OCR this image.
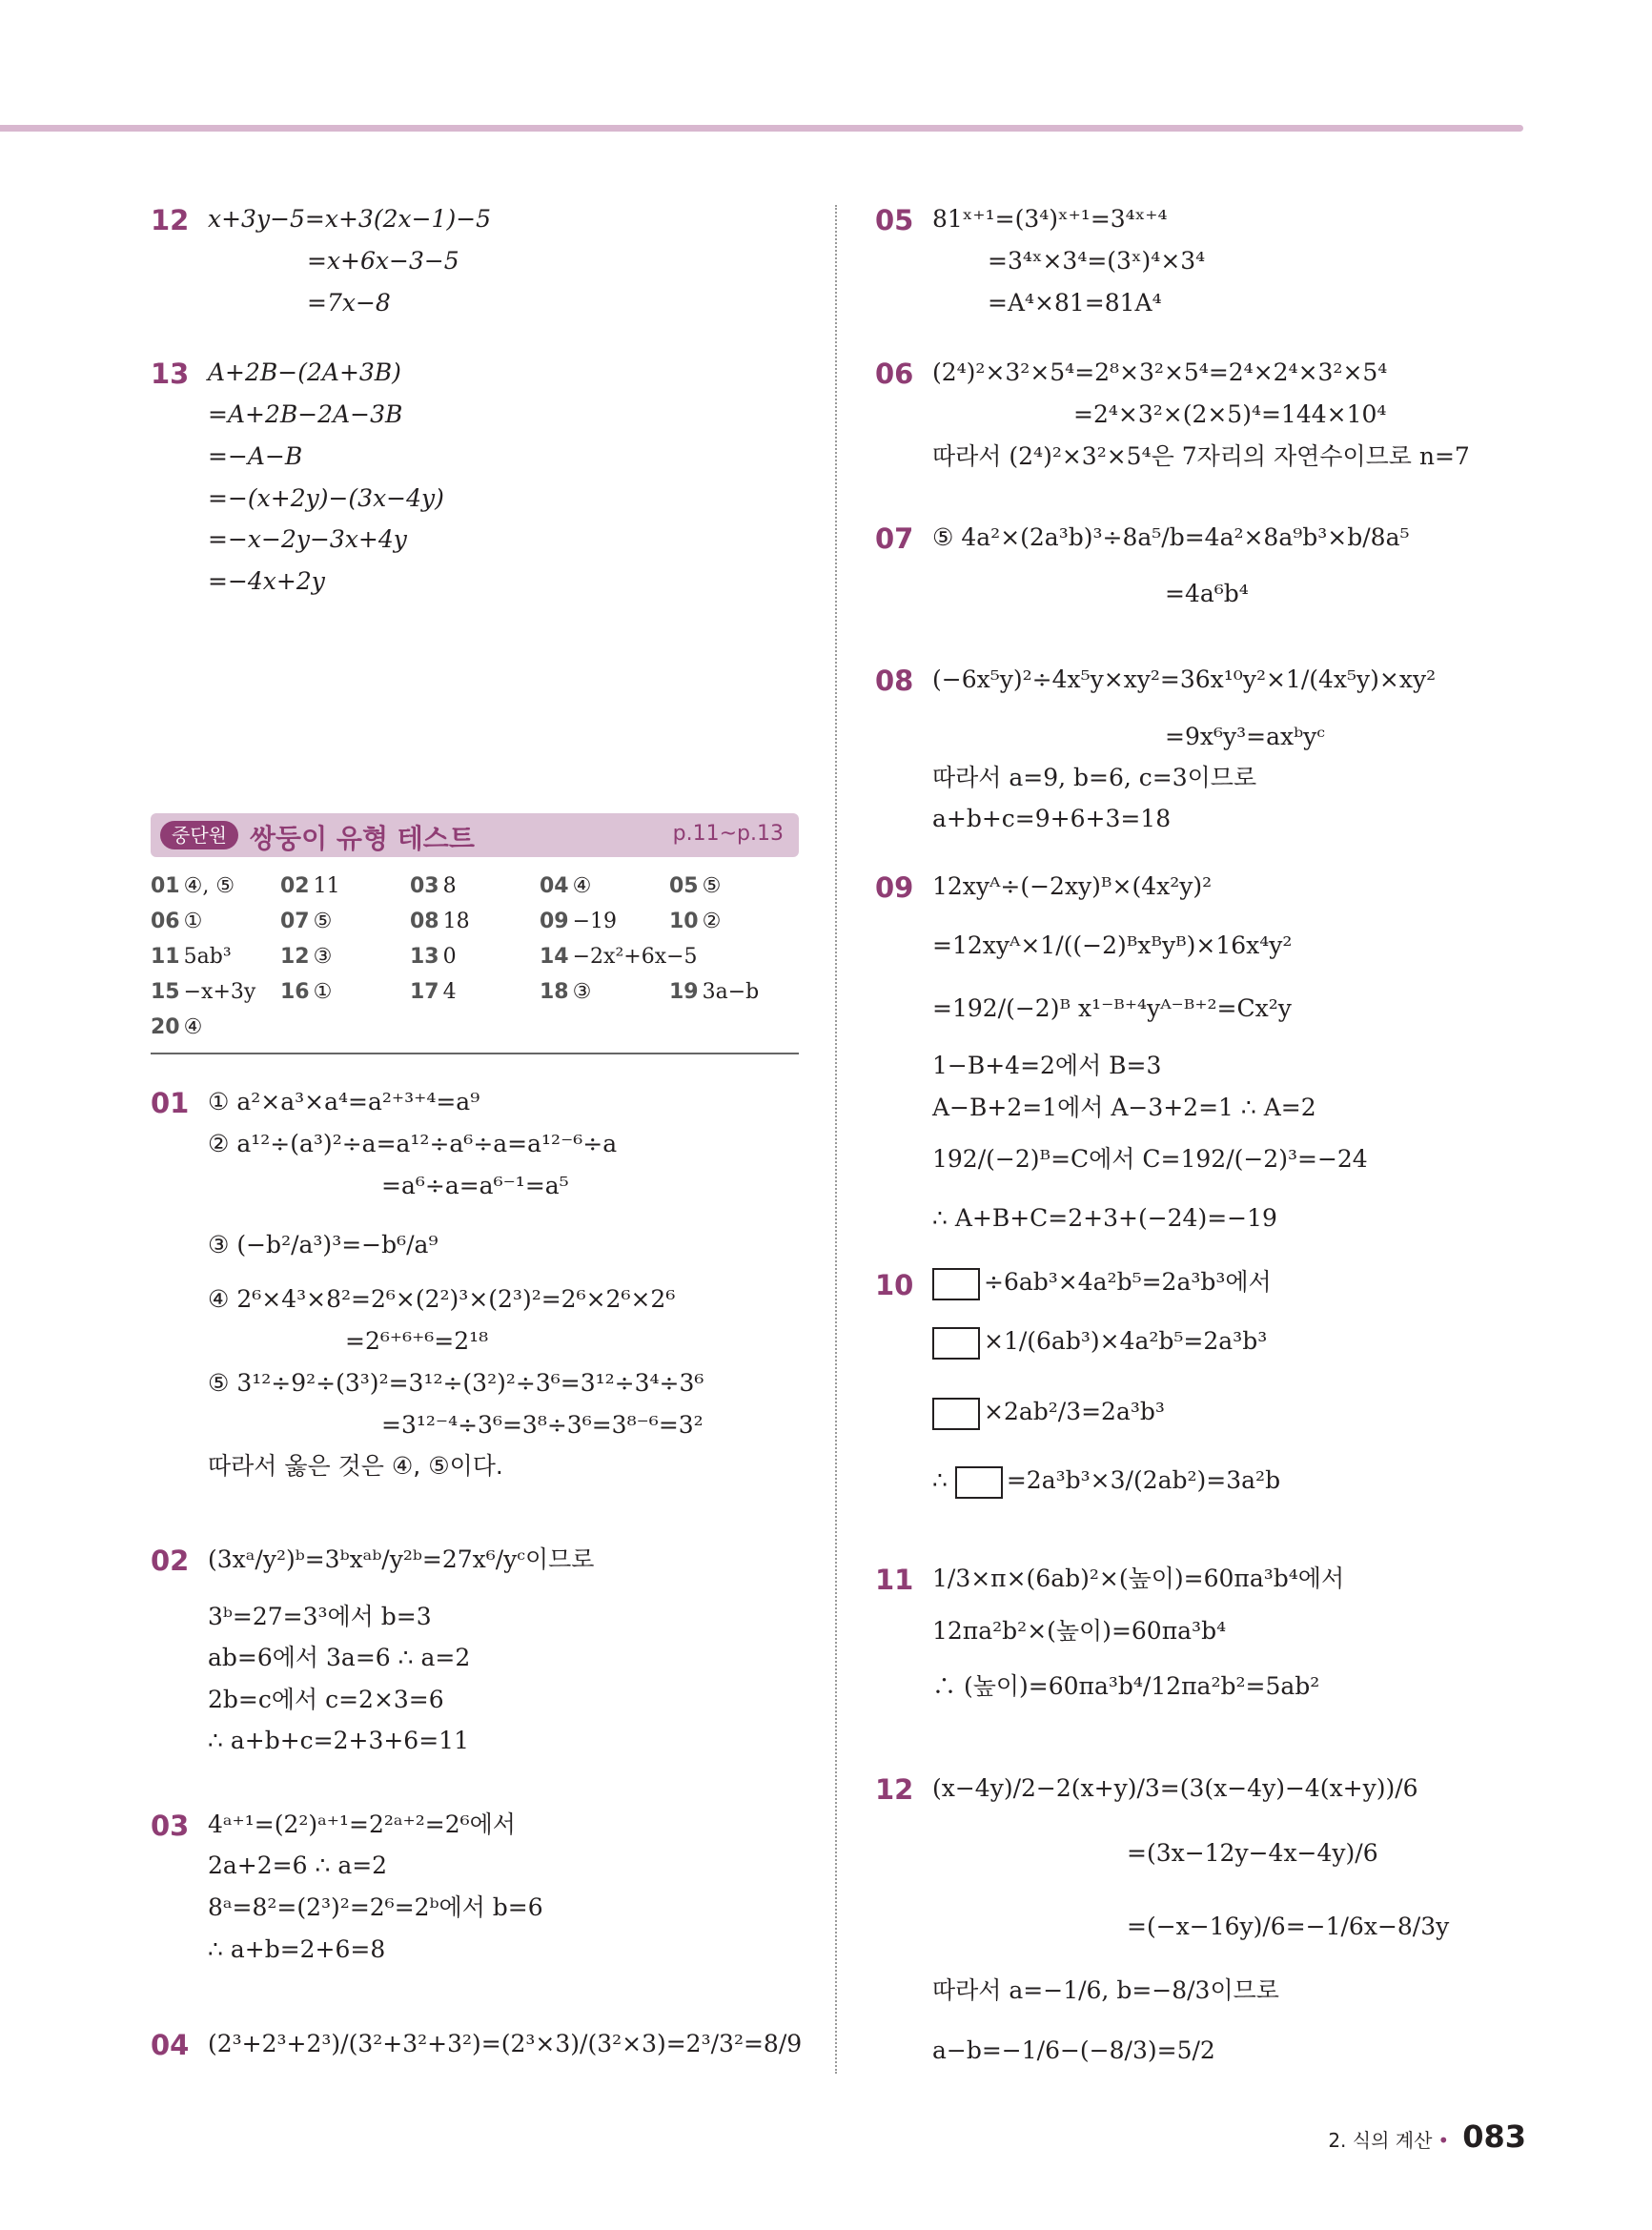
12 x+3y−5=x+3(2x−1)−5
=x+6x−3−5
=7x−8
13 A+2B−(2A+3B)
=A+2B−2A−3B
=−A−B
=−(x+2y)−(3x−4y)
=−x−2y−3x+4y
=−4x+2y
중단원 쌍둥이 유형 테스트	p.11~p.13
01 ④, ⑤ 02 11	03 8	04 ④	05 ⑤
06 ①	07 ⑤	08 18	09 −19 10 ②
11 5ab³ 12 ③	13 0	14 −2x²+6x−5
15 −x+3y 16 ①	17 4	18 ③	19 3a−b
20 ④
01 ① a²×a³×a⁴=a²⁺³⁺⁴=a⁹
② a¹²÷(a³)²÷a=a¹²÷a⁶÷a=a¹²⁻⁶÷a
=a⁶÷a=a⁶⁻¹=a⁵
③ (−b²/a³)³=−b⁶/a⁹
④ 2⁶×4³×8²=2⁶×(2²)³×(2³)²=2⁶×2⁶×2⁶
=2⁶⁺⁶⁺⁶=2¹⁸
⑤ 3¹²÷9²÷(3³)²=3¹²÷(3²)²÷3⁶=3¹²÷3⁴÷3⁶
=3¹²⁻⁴÷3⁶=3⁸÷3⁶=3⁸⁻⁶=3²
따라서 옳은 것은 ④, ⑤이다.
02 (3xᵃ/y²)ᵇ=3ᵇxᵃᵇ/y²ᵇ=27x⁶/yᶜ이므로
3ᵇ=27=3³에서 b=3
ab=6에서 3a=6 ∴ a=2
2b=c에서 c=2×3=6
∴ a+b+c=2+3+6=11
03 4ᵃ⁺¹=(2²)ᵃ⁺¹=2²ᵃ⁺²=2⁶에서
2a+2=6 ∴ a=2
8ᵃ=8²=(2³)²=2⁶=2ᵇ에서 b=6
∴ a+b=2+6=8
04 (2³+2³+2³)/(3²+3²+3²)=(2³×3)/(3²×3)=2³/3²=8/9
05 81ˣ⁺¹=(3⁴)ˣ⁺¹=3⁴ˣ⁺⁴
=3⁴ˣ×3⁴=(3ˣ)⁴×3⁴
=A⁴×81=81A⁴
06 (2⁴)²×3²×5⁴=2⁸×3²×5⁴=2⁴×2⁴×3²×5⁴
=2⁴×3²×(2×5)⁴=144×10⁴
따라서 (2⁴)²×3²×5⁴은 7자리의 자연수이므로 n=7
07 ⑤ 4a²×(2a³b)³÷8a⁵/b=4a²×8a⁹b³×b/8a⁵
=4a⁶b⁴
08 (−6x⁵y)²÷4x⁵y×xy²=36x¹⁰y²×1/(4x⁵y)×xy²
=9x⁶y³=axᵇyᶜ
따라서 a=9, b=6, c=3이므로
a+b+c=9+6+3=18
09 12xyᴬ÷(−2xy)ᴮ×(4x²y)²
=12xyᴬ×1/((−2)ᴮxᴮyᴮ)×16x⁴y²
=192/(−2)ᴮ x¹⁻ᴮ⁺⁴yᴬ⁻ᴮ⁺²=Cx²y
1−B+4=2에서 B=3
A−B+2=1에서 A−3+2=1 ∴ A=2
192/(−2)ᴮ=C에서 C=192/(−2)³=−24
∴ A+B+C=2+3+(−24)=−19
10	÷6ab³×4a²b⁵=2a³b³에서
×1/(6ab³)×4a²b⁵=2a³b³
×2ab²/3=2a³b³
∴ =2a³b³×3/(2ab²)=3a²b
11 1/3×π×(6ab)²×(높이)=60πa³b⁴에서
12πa²b²×(높이)=60πa³b⁴
∴ (높이)=60πa³b⁴/12πa²b²=5ab²
12 (x−4y)/2−2(x+y)/3=(3(x−4y)−4(x+y))/6
=(3x−12y−4x−4y)/6
=(−x−16y)/6=−1/6x−8/3y
따라서 a=−1/6, b=−8/3이므로
a−b=−1/6−(−8/3)=5/2
2. 식의 계산 • 083
